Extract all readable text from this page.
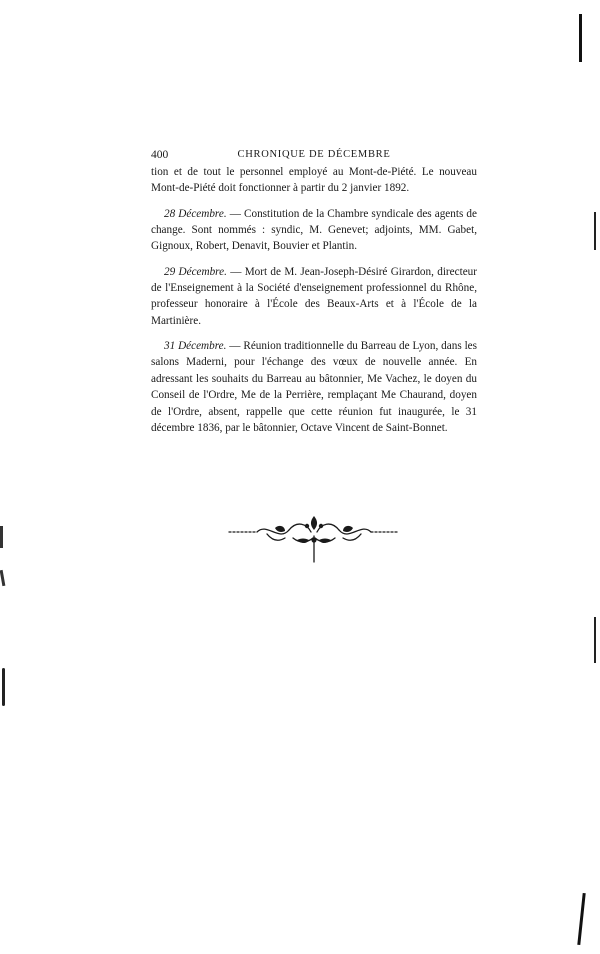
400	CHRONIQUE DE DÉCEMBRE

tion et de tout le personnel employé au Mont-de-Piété. Le nouveau Mont-de-Piété doit fonctionner à partir du 2 janvier 1892.

28 Décembre. — Constitution de la Chambre syndicale des agents de change. Sont nommés : syndic, M. Genevet; adjoints, MM. Gabet, Gignoux, Robert, Denavit, Bouvier et Plantin.

29 Décembre. — Mort de M. Jean-Joseph-Désiré Girardon, directeur de l'Enseignement à la Société d'enseignement professionnel du Rhône, professeur honoraire à l'École des Beaux-Arts et à l'École de la Martinière.

31 Décembre. — Réunion traditionnelle du Barreau de Lyon, dans les salons Maderni, pour l'échange des vœux de nouvelle année. En adressant les souhaits du Barreau au bâtonnier, Me Vachez, le doyen du Conseil de l'Ordre, Me de la Perrière, remplaçant Me Chaurand, doyen de l'Ordre, absent, rappelle que cette réunion fut inaugurée, le 31 décembre 1836, par le bâtonnier, Octave Vincent de Saint-Bonnet.
